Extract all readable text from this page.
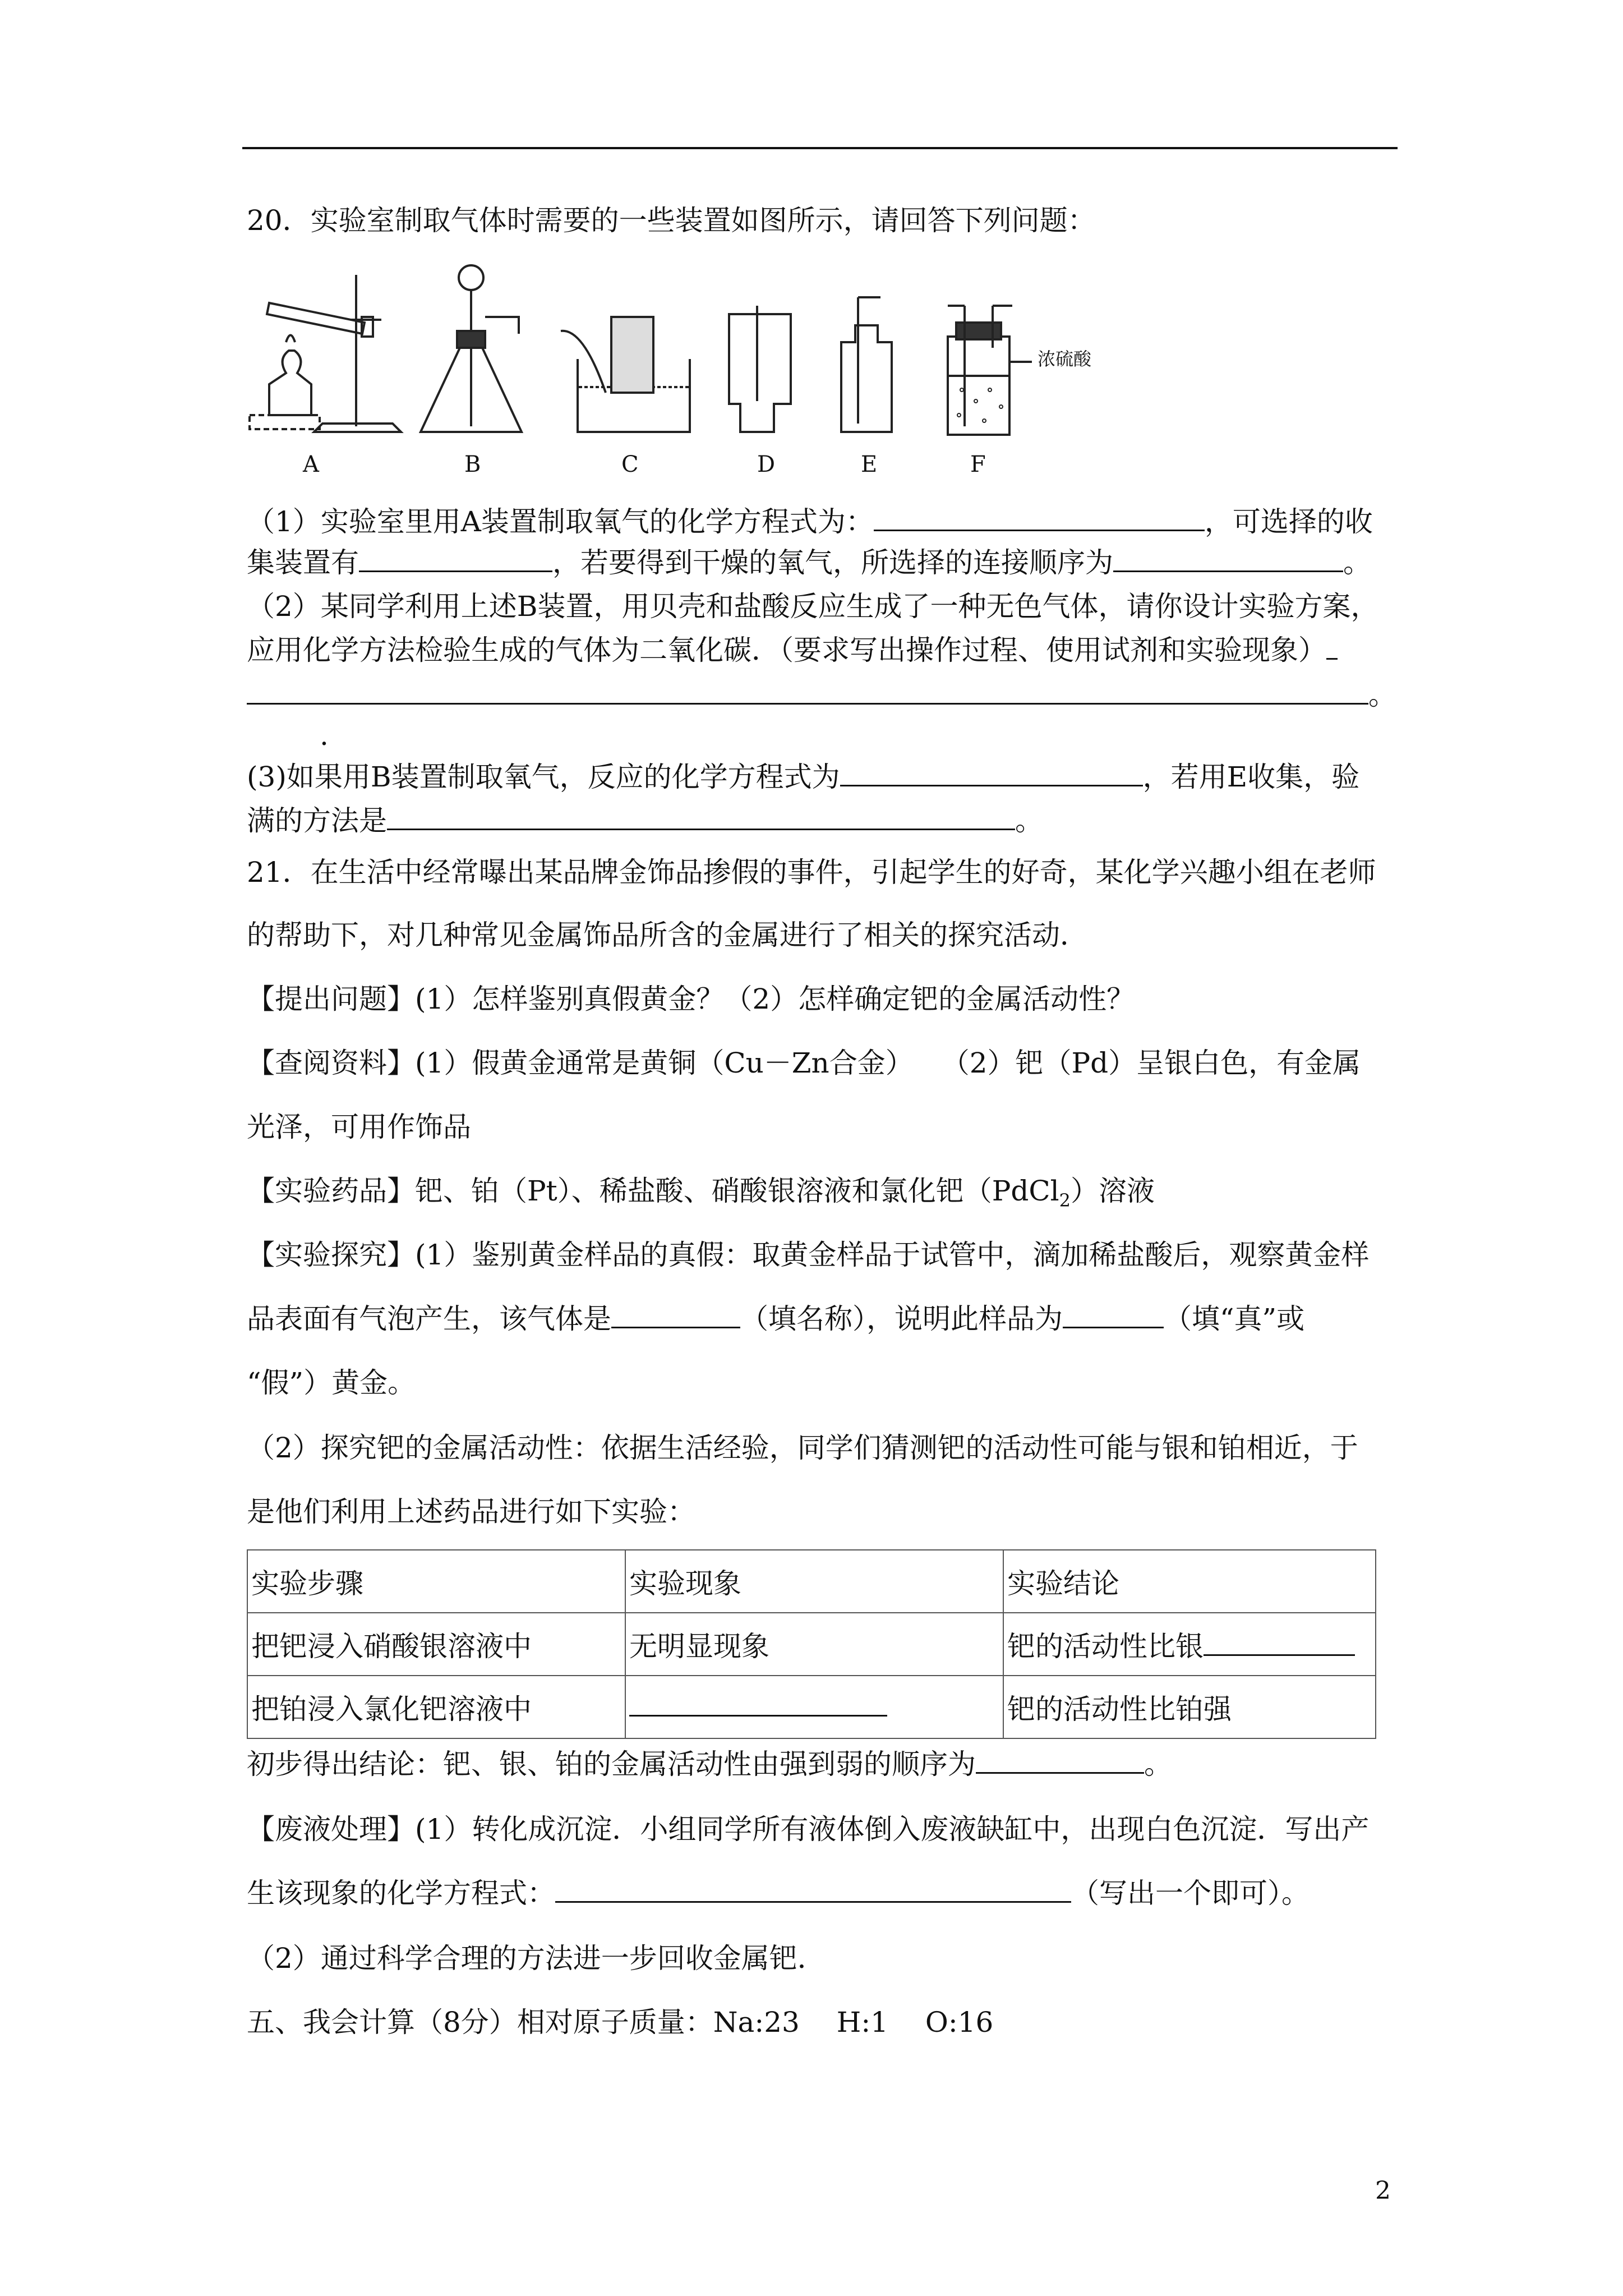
20．实验室制取气体时需要的一些装置如图所示，请回答下列问题：
浓硫酸
A	B	C	D	E	F
（1）实验室里用A装置制取氧气的化学方程式为：	，可选择的收
集装置有	，若要得到干燥的氧气，所选择的连接顺序为	。
（2）某同学利用上述B装置，用贝壳和盐酸反应生成了一种无色气体，请你设计实验方案，
应用化学方法检验生成的气体为二氧化碳．（要求写出操作过程、使用试剂和实验现象）
。
.
(3)如果用B装置制取氧气，反应的化学方程式为	，若用E收集，验
满的方法是	。
21．在生活中经常曝出某品牌金饰品掺假的事件，引起学生的好奇，某化学兴趣小组在老师
的帮助下，对几种常见金属饰品所含的金属进行了相关的探究活动．
【提出问题】(1）怎样鉴别真假黄金？（2）怎样确定钯的金属活动性？
【查阅资料】(1）假黄金通常是黄铜（Cu－Zn合金）　　（2）钯（Pd）呈银白色，有金属
光泽，可用作饰品
【实验药品】钯、铂（Pt）、稀盐酸、硝酸银溶液和氯化钯（PdCl$_2$）溶液
【实验探究】(1）鉴别黄金样品的真假：取黄金样品于试管中，滴加稀盐酸后，观察黄金样
品表面有气泡产生，该气体是	（填名称），说明此样品为	（填“真”或
“假”）黄金。
（2）探究钯的金属活动性：依据生活经验，同学们猜测钯的活动性可能与银和铂相近，于
是他们利用上述药品进行如下实验：
实验步骤	实验现象	实验结论
把钯浸入硝酸银溶液中	无明显现象	钯的活动性比银
把铂浸入氯化钯溶液中		钯的活动性比铂强
初步得出结论：钯、银、铂的金属活动性由强到弱的顺序为	。
【废液处理】(1）转化成沉淀．小组同学所有液体倒入废液缺缸中，出现白色沉淀．写出产
生该现象的化学方程式：	（写出一个即可）。
（2）通过科学合理的方法进一步回收金属钯．
五、我会计算（8分）相对原子质量：Na:23　 H:1　 O:16
2
